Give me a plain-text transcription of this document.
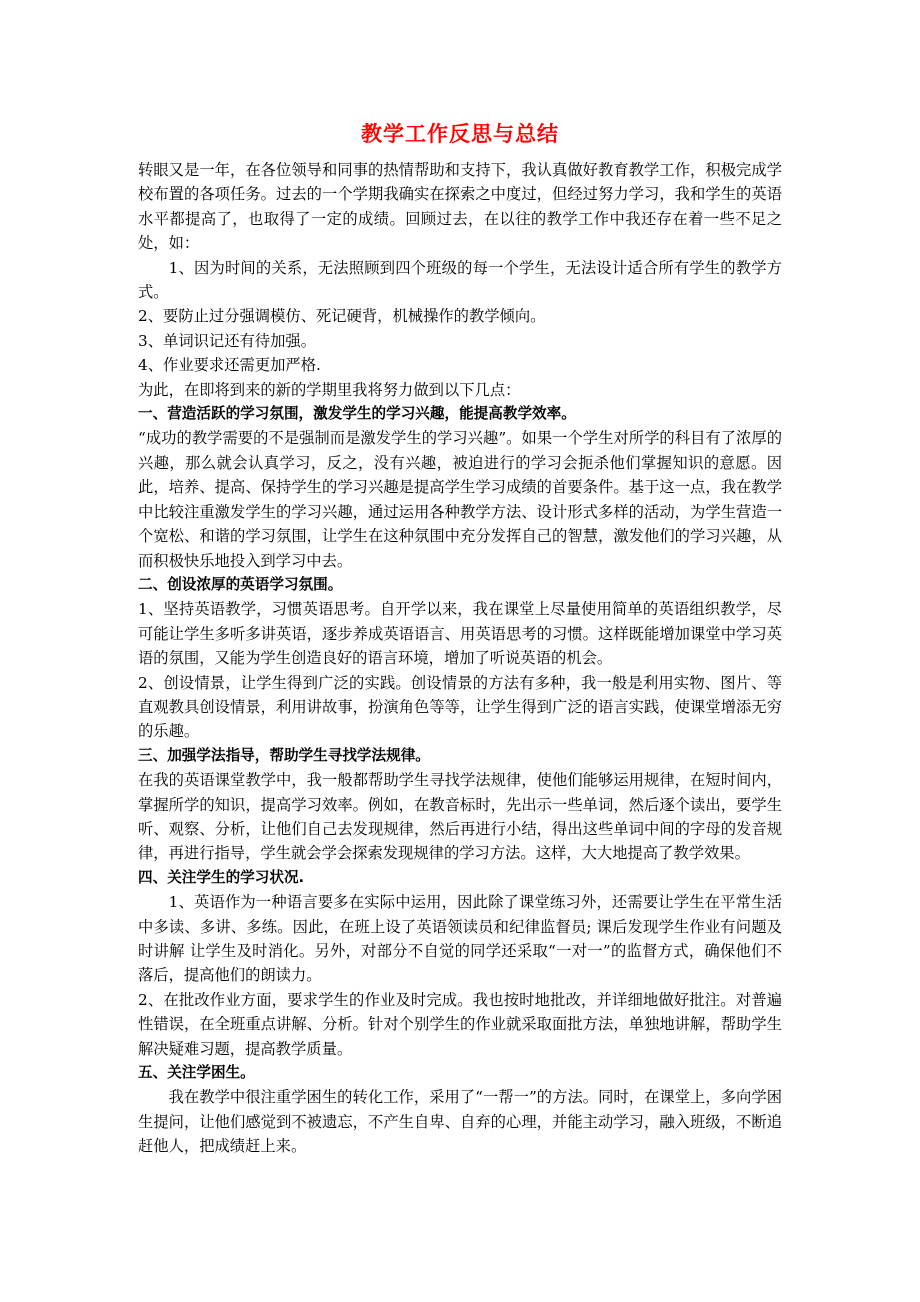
教学工作反思与总结

转眼又是一年，在各位领导和同事的热情帮助和支持下，我认真做好教育教学工作，积极完成学校布置的各项任务。过去的一个学期我确实在探索之中度过，但经过努力学习，我和学生的英语水平都提高了，也取得了一定的成绩。回顾过去，在以往的教学工作中我还存在着一些不足之处，如：

1、因为时间的关系，无法照顾到四个班级的每一个学生，无法设计适合所有学生的教学方式。

2、要防止过分强调模仿、死记硬背，机械操作的教学倾向。

3、单词识记还有待加强。

4、作业要求还需更加严格.

为此，在即将到来的新的学期里我将努力做到以下几点：

一、营造活跃的学习氛围，激发学生的学习兴趣，能提高教学效率。

“成功的教学需要的不是强制而是激发学生的学习兴趣”。如果一个学生对所学的科目有了浓厚的兴趣，那么就会认真学习，反之，没有兴趣，被迫进行的学习会扼杀他们掌握知识的意愿。因此，培养、提高、保持学生的学习兴趣是提高学生学习成绩的首要条件。基于这一点，我在教学中比较注重激发学生的学习兴趣，通过运用各种教学方法、设计形式多样的活动，为学生营造一个宽松、和谐的学习氛围，让学生在这种氛围中充分发挥自己的智慧，激发他们的学习兴趣，从而积极快乐地投入到学习中去。

二、创设浓厚的英语学习氛围。

1、坚持英语教学，习惯英语思考。自开学以来，我在课堂上尽量使用简单的英语组织教学，尽可能让学生多听多讲英语，逐步养成英语语言、用英语思考的习惯。这样既能增加课堂中学习英语的氛围，又能为学生创造良好的语言环境，增加了听说英语的机会。

2、创设情景，让学生得到广泛的实践。创设情景的方法有多种，我一般是利用实物、图片、等直观教具创设情景，利用讲故事，扮演角色等等，让学生得到广泛的语言实践，使课堂增添无穷的乐趣。

三、加强学法指导，帮助学生寻找学法规律。

在我的英语课堂教学中，我一般都帮助学生寻找学法规律，使他们能够运用规律，在短时间内，掌握所学的知识，提高学习效率。例如，在教音标时，先出示一些单词，然后逐个读出，要学生听、观察、分析，让他们自己去发现规律，然后再进行小结，得出这些单词中间的字母的发音规律，再进行指导，学生就会学会探索发现规律的学习方法。这样，大大地提高了教学效果。

四、关注学生的学习状况.

1、英语作为一种语言要多在实际中运用，因此除了课堂练习外，还需要让学生在平常生活中多读、多讲、多练。因此，在班上设了英语领读员和纪律监督员; 课后发现学生作业有问题及时讲解 让学生及时消化。另外，对部分不自觉的同学还采取“一对一”的监督方式，确保他们不落后，提高他们的朗读力。

2、在批改作业方面，要求学生的作业及时完成。我也按时地批改，并详细地做好批注。对普遍性错误，在全班重点讲解、分析。针对个别学生的作业就采取面批方法，单独地讲解，帮助学生解决疑难习题，提高教学质量。

五、关注学困生。

我在教学中很注重学困生的转化工作，采用了“一帮一”的方法。同时，在课堂上，多向学困生提问，让他们感觉到不被遗忘，不产生自卑、自弃的心理，并能主动学习，融入班级，不断追赶他人，把成绩赶上来。
